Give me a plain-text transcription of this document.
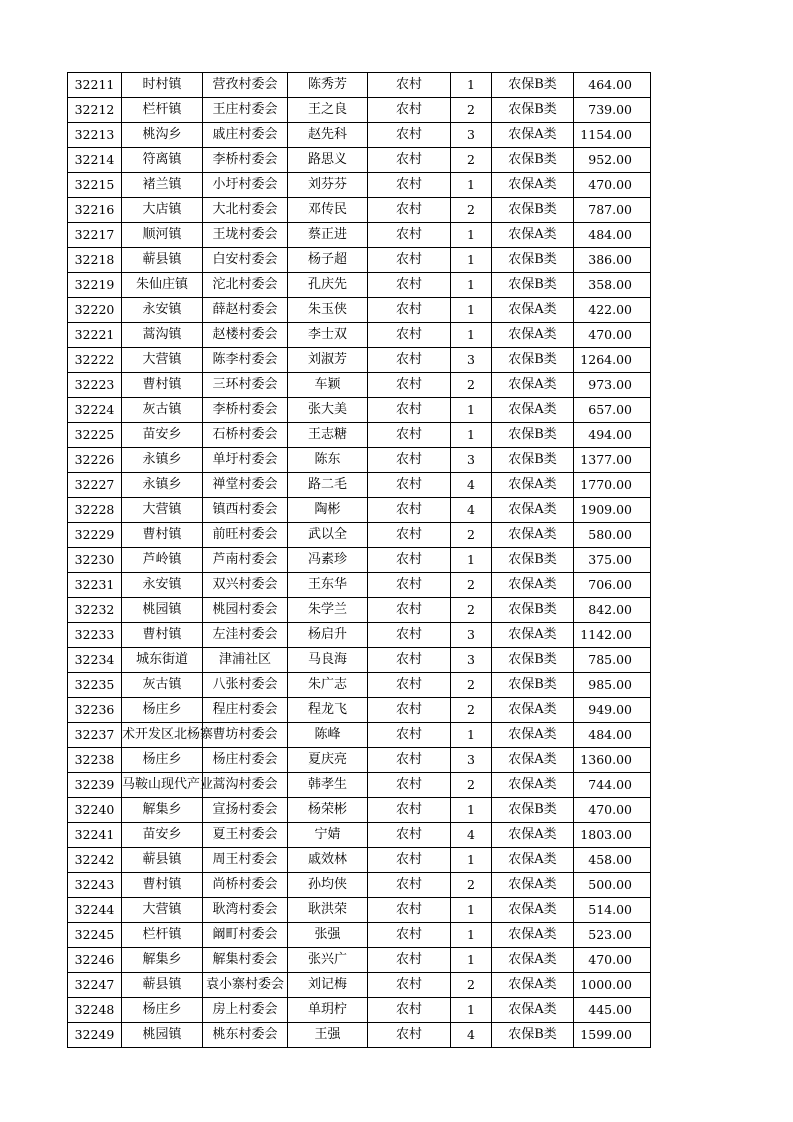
32211	时村镇	营孜村委会	陈秀芳	农村	1	农保B类	464.00
32212	栏杆镇	王庄村委会	王之良	农村	2	农保B类	739.00
32213	桃沟乡	戚庄村委会	赵先科	农村	3	农保A类	1154.00
32214	符离镇	李桥村委会	路思义	农村	2	农保B类	952.00
32215	褚兰镇	小圩村委会	刘芬芬	农村	1	农保A类	470.00
32216	大店镇	大北村委会	邓传民	农村	2	农保B类	787.00
32217	顺河镇	王垅村委会	蔡正进	农村	1	农保A类	484.00
32218	蕲县镇	白安村委会	杨子超	农村	1	农保B类	386.00
32219	朱仙庄镇	沱北村委会	孔庆先	农村	1	农保B类	358.00
32220	永安镇	薛赵村委会	朱玉侠	农村	1	农保A类	422.00
32221	蒿沟镇	赵楼村委会	李士双	农村	1	农保A类	470.00
32222	大营镇	陈李村委会	刘淑芳	农村	3	农保B类	1264.00
32223	曹村镇	三环村委会	车颖	农村	2	农保A类	973.00
32224	灰古镇	李桥村委会	张大美	农村	1	农保A类	657.00
32225	苗安乡	石桥村委会	王志糖	农村	1	农保B类	494.00
32226	永镇乡	单圩村委会	陈东	农村	3	农保B类	1377.00
32227	永镇乡	禅堂村委会	路二毛	农村	4	农保A类	1770.00
32228	大营镇	镇西村委会	陶彬	农村	4	农保A类	1909.00
32229	曹村镇	前旺村委会	武以全	农村	2	农保A类	580.00
32230	芦岭镇	芦南村委会	冯素珍	农村	1	农保B类	375.00
32231	永安镇	双兴村委会	王东华	农村	2	农保A类	706.00
32232	桃园镇	桃园村委会	朱学兰	农村	2	农保B类	842.00
32233	曹村镇	左洼村委会	杨启升	农村	3	农保A类	1142.00
32234	城东街道	津浦社区	马良海	农村	3	农保B类	785.00
32235	灰古镇	八张村委会	朱广志	农村	2	农保B类	985.00
32236	杨庄乡	程庄村委会	程龙飞	农村	2	农保A类	949.00
32237	术开发区北杨寨	曹坊村委会	陈峰	农村	1	农保A类	484.00
32238	杨庄乡	杨庄村委会	夏庆亮	农村	3	农保A类	1360.00
32239	马鞍山现代产业	蒿沟村委会	韩孝生	农村	2	农保A类	744.00
32240	解集乡	宣扬村委会	杨荣彬	农村	1	农保B类	470.00
32241	苗安乡	夏王村委会	宁婧	农村	4	农保A类	1803.00
32242	蕲县镇	周王村委会	戚效林	农村	1	农保A类	458.00
32243	曹村镇	尚桥村委会	孙均侠	农村	2	农保A类	500.00
32244	大营镇	耿湾村委会	耿洪荣	农村	1	农保A类	514.00
32245	栏杆镇	阚町村委会	张强	农村	1	农保A类	523.00
32246	解集乡	解集村委会	张兴广	农村	1	农保A类	470.00
32247	蕲县镇	袁小寨村委会	刘记梅	农村	2	农保A类	1000.00
32248	杨庄乡	房上村委会	单玥柠	农村	1	农保A类	445.00
32249	桃园镇	桃东村委会	王强	农村	4	农保B类	1599.00
